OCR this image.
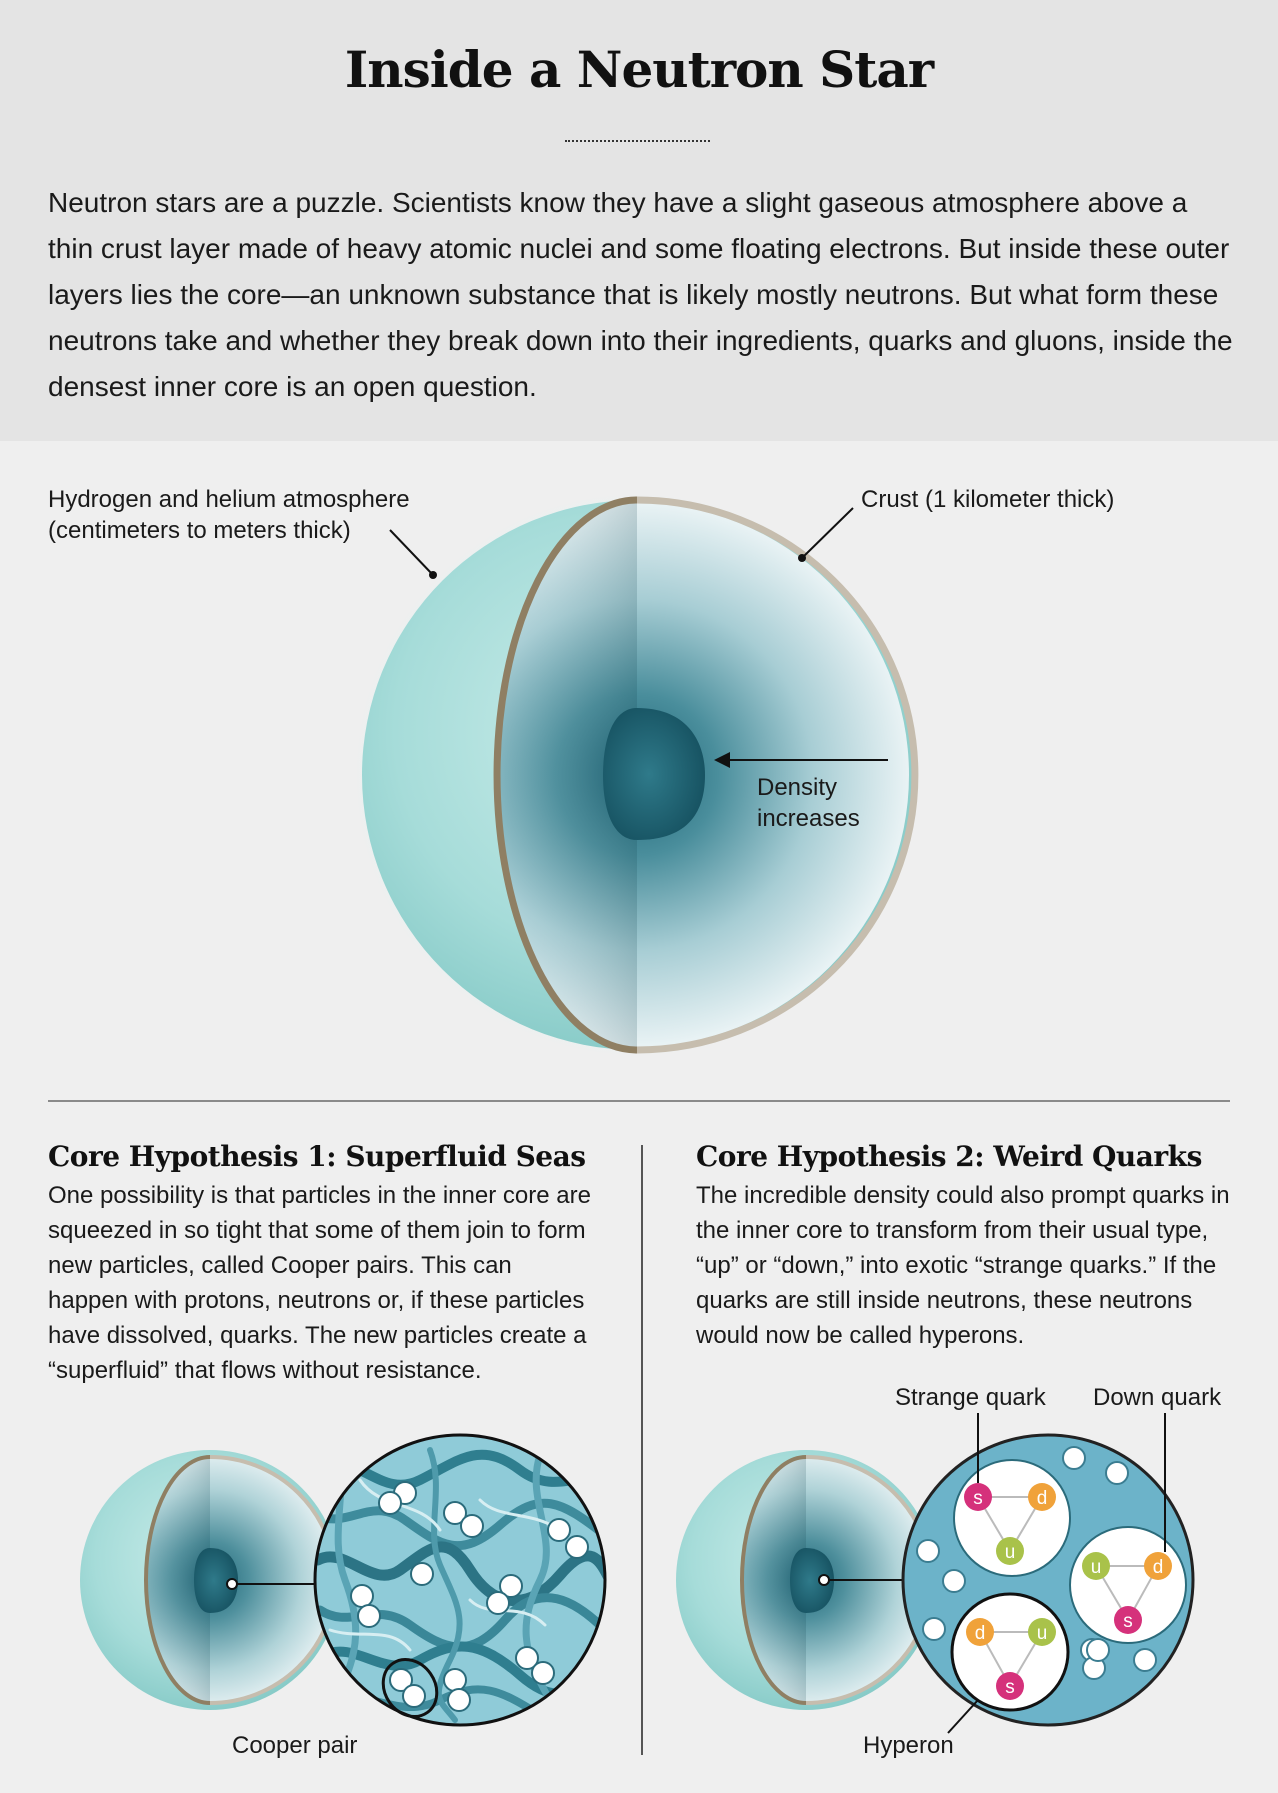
Inside a Neutron Star
Neutron stars are a puzzle. Scientists know they have a slight gaseous atmosphere above a thin crust layer made of heavy atomic nuclei and some floating electrons. But inside these outer layers lies the core—an unknown substance that is likely mostly neutrons. But what form these neutrons take and whether they break down into their ingredients, quarks and gluons, inside the densest inner core is an open question.
s	d
u
u	d
s
d	u
s
Hydrogen and helium atmosphere
(centimeters to meters thick)
Crust (1 kilometer thick)
Density
increases
Core Hypothesis 1: Superfluid Seas
One possibility is that particles in the inner core are squeezed in so tight that some of them join to form new particles, called Cooper pairs. This can happen with protons, neutrons or, if these particles have dissolved, quarks. The new particles create a “superfluid” that flows without resistance.
Cooper pair
Core Hypothesis 2: Weird Quarks
The incredible density could also prompt quarks in the inner core to transform from their usual type, “up” or “down,” into exotic “strange quarks.” If the quarks are still inside neutrons, these neutrons would now be called hyperons.
Strange quark Down quark
Hyperon
